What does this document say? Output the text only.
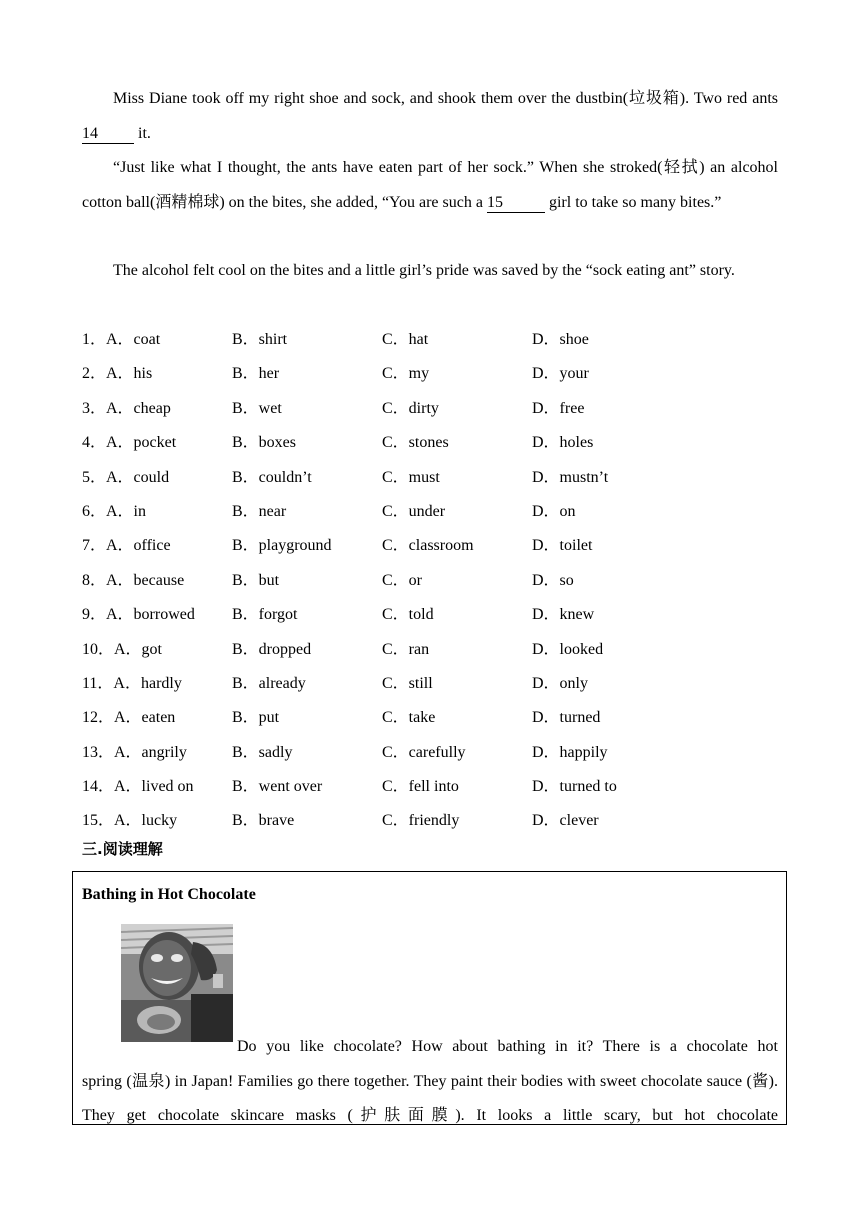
Miss Diane took off my right shoe and sock, and shook them over the dustbin(垃圾箱). Two red ants 14 it.
“Just like what I thought, the ants have eaten part of her sock.” When she stroked(轻拭) an alcohol cotton ball(酒精棉球) on the bites, she added, “You are such a 15	girl to take so many bites.”
The alcohol felt cool on the bites and a little girl’s pride was saved by the “sock eating ant” story.
1．A．coat	B．shirt	C．hat	D．shoe
2．A．his	B．her	C．my	D．your
3．A．cheap	B．wet	C．dirty	D．free
4．A．pocket	B．boxes	C．stones	D．holes
5．A．could	B．couldn’t	C．must	D．mustn’t
6．A．in	B．near	C．under	D．on
7．A．office	B．playground	C．classroom	D．toilet
8．A．because	B．but	C．or	D．so
9．A．borrowed B．forgot	C．told	D．knew
10．A．got	B．dropped	C．ran	D．looked
11．A．hardly	B．already	C．still	D．only
12．A．eaten	B．put	C．take	D．turned
13．A．angrily	B．sadly	C．carefully	D．happily
14．A．lived on B．went over	C．fell into	D．turned to
15．A．lucky	B．brave	C．friendly	D．clever
三.阅读理解
Bathing in Hot Chocolate
Do you like chocolate? How about bathing in it? There is a chocolate hot
spring (温泉) in Japan! Families go there together. They paint their bodies with sweet chocolate sauce (酱). They get chocolate skincare masks (护肤面膜). It looks a little scary, but hot chocolate
